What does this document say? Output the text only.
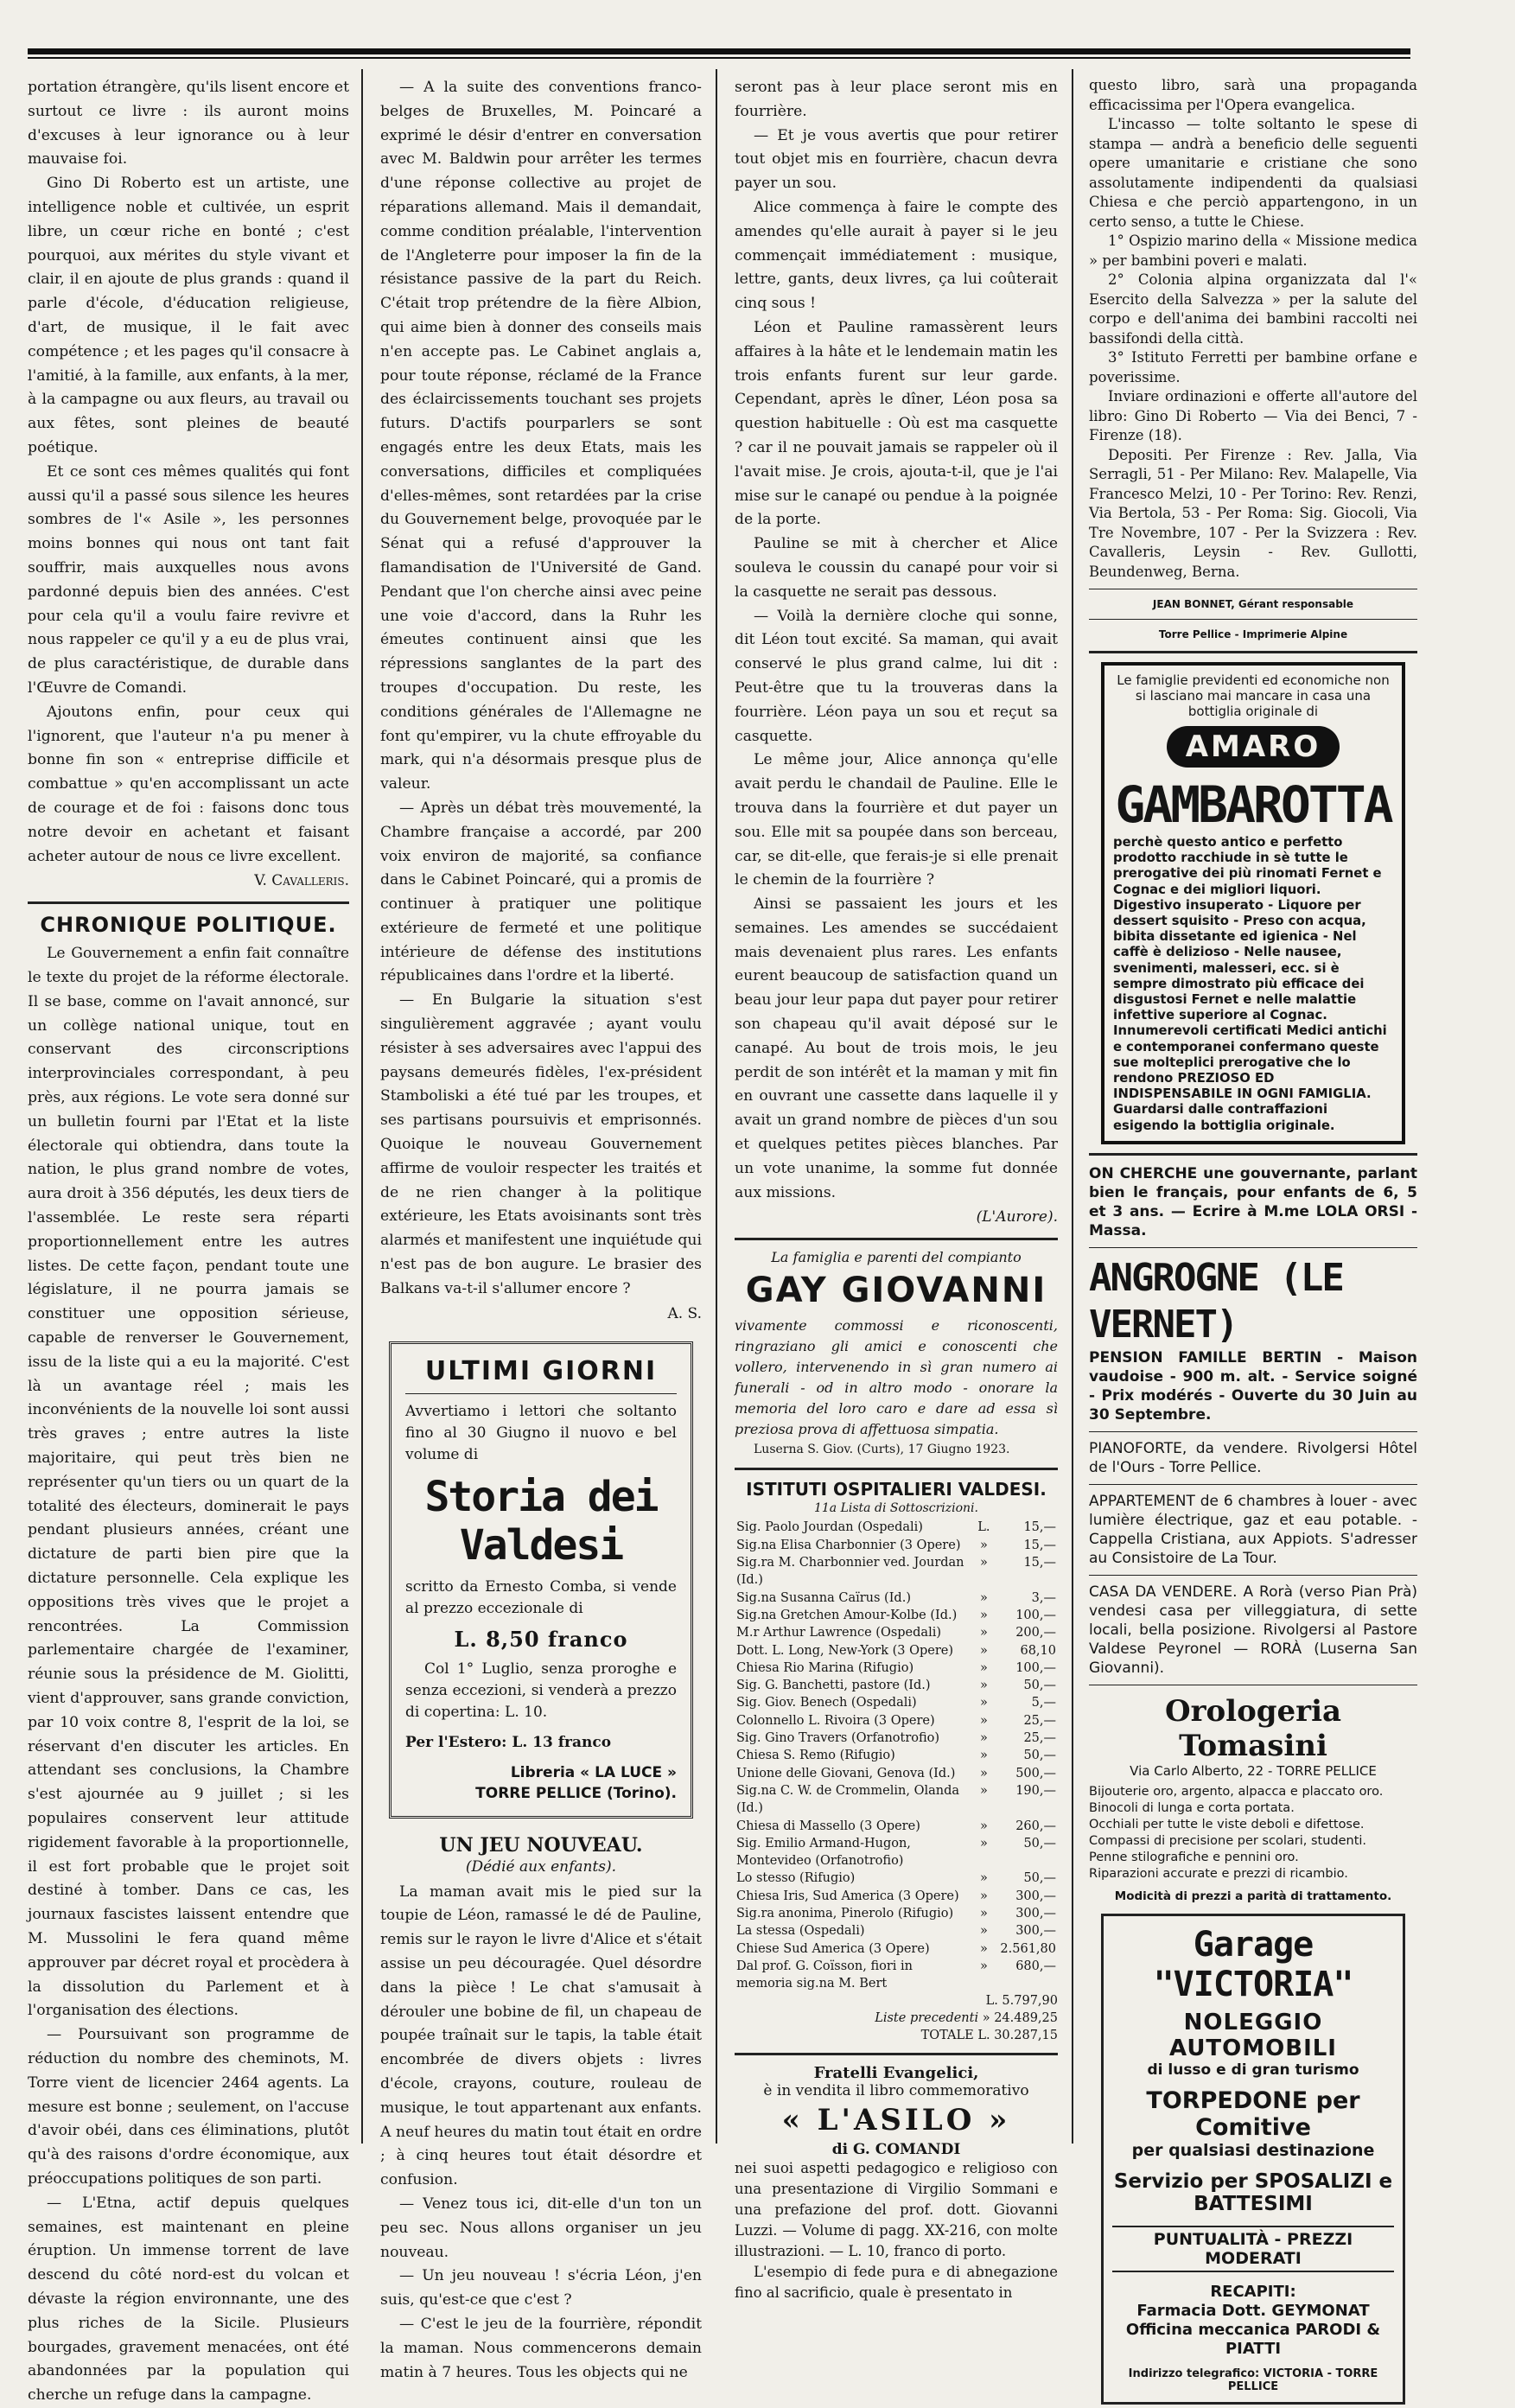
portation étrangère, qu'ils lisent encore et surtout ce livre : ils auront moins d'excuses à leur ignorance ou à leur mauvaise foi.

Gino Di Roberto est un artiste, une intelligence noble et cultivée, un esprit libre, un cœur riche en bonté ; c'est pourquoi, aux mérites du style vivant et clair, il en ajoute de plus grands : quand il parle d'école, d'éducation religieuse, d'art, de musique, il le fait avec compétence ; et les pages qu'il consacre à l'amitié, à la famille, aux enfants, à la mer, à la campagne ou aux fleurs, au travail ou aux fêtes, sont pleines de beauté poétique.

Et ce sont ces mêmes qualités qui font aussi qu'il a passé sous silence les heures sombres de l'« Asile », les personnes moins bonnes qui nous ont tant fait souffrir, mais auxquelles nous avons pardonné depuis bien des années. C'est pour cela qu'il a voulu faire revivre et nous rappeler ce qu'il y a eu de plus vrai, de plus caractéristique, de durable dans l'Œuvre de Comandi.

Ajoutons enfin, pour ceux qui l'ignorent, que l'auteur n'a pu mener à bonne fin son « entreprise difficile et combattue » qu'en accomplissant un acte de courage et de foi : faisons donc tous notre devoir en achetant et faisant acheter autour de nous ce livre excellent.

V. Cavalleris.
CHRONIQUE POLITIQUE.

Le Gouvernement a enfin fait connaître le texte du projet de la réforme électorale. Il se base, comme on l'avait annoncé, sur un collège national unique, tout en conservant des circonscriptions interprovinciales correspondant, à peu près, aux régions. Le vote sera donné sur un bulletin fourni par l'Etat et la liste électorale qui obtiendra, dans toute la nation, le plus grand nombre de votes, aura droit à 356 députés, les deux tiers de l'assemblée. Le reste sera réparti proportionnellement entre les autres listes. De cette façon, pendant toute une législature, il ne pourra jamais se constituer une opposition sérieuse, capable de renverser le Gouvernement, issu de la liste qui a eu la majorité. C'est là un avantage réel ; mais les inconvénients de la nouvelle loi sont aussi très graves ; entre autres la liste majoritaire, qui peut très bien ne représenter qu'un tiers ou un quart de la totalité des électeurs, dominerait le pays pendant plusieurs années, créant une dictature de parti bien pire que la dictature personnelle. Cela explique les oppositions très vives que le projet a rencontrées. La Commission parlementaire chargée de l'examiner, réunie sous la présidence de M. Giolitti, vient d'approuver, sans grande conviction, par 10 voix contre 8, l'esprit de la loi, se réservant d'en discuter les articles. En attendant ses conclusions, la Chambre s'est ajournée au 9 juillet ; si les populaires conservent leur attitude rigidement favorable à la proportionnelle, il est fort probable que le projet soit destiné à tomber. Dans ce cas, les journaux fascistes laissent entendre que M. Mussolini le fera quand même approuver par décret royal et procèdera à la dissolution du Parlement et à l'organisation des élections.

— Poursuivant son programme de réduction du nombre des cheminots, M. Torre vient de licencier 2464 agents. La mesure est bonne ; seulement, on l'accuse d'avoir obéi, dans ces éliminations, plutôt qu'à des raisons d'ordre économique, aux préoccupations politiques de son parti.

— L'Etna, actif depuis quelques semaines, est maintenant en pleine éruption. Un immense torrent de lave descend du côté nord-est du volcan et dévaste la région environnante, une des plus riches de la Sicile. Plusieurs bourgades, gravement menacées, ont été abandonnées par la population qui cherche un refuge dans la campagne.

— A la suite des conventions franco-belges de Bruxelles, M. Poincaré a exprimé le désir d'entrer en conversation avec M. Baldwin pour arrêter les termes d'une réponse collective au projet de réparations allemand. Mais il demandait, comme condition préalable, l'intervention de l'Angleterre pour imposer la fin de la résistance passive de la part du Reich. C'était trop prétendre de la fière Albion, qui aime bien à donner des conseils mais n'en accepte pas. Le Cabinet anglais a, pour toute réponse, réclamé de la France des éclaircissements touchant ses projets futurs. D'actifs pourparlers se sont engagés entre les deux Etats, mais les conversations, difficiles et compliquées d'elles-mêmes, sont retardées par la crise du Gouvernement belge, provoquée par le Sénat qui a refusé d'approuver la flamandisation de l'Université de Gand. Pendant que l'on cherche ainsi avec peine une voie d'accord, dans la Ruhr les émeutes continuent ainsi que les répressions sanglantes de la part des troupes d'occupation. Du reste, les conditions générales de l'Allemagne ne font qu'empirer, vu la chute effroyable du mark, qui n'a désormais presque plus de valeur.

— Après un débat très mouvementé, la Chambre française a accordé, par 200 voix environ de majorité, sa confiance dans le Cabinet Poincaré, qui a promis de continuer à pratiquer une politique extérieure de fermeté et une politique intérieure de défense des institutions républicaines dans l'ordre et la liberté.

— En Bulgarie la situation s'est singulièrement aggravée ; ayant voulu résister à ses adversaires avec l'appui des paysans demeurés fidèles, l'ex-président Stamboliski a été tué par les troupes, et ses partisans poursuivis et emprisonnés. Quoique le nouveau Gouvernement affirme de vouloir respecter les traités et de ne rien changer à la politique extérieure, les Etats avoisinants sont très alarmés et manifestent une inquiétude qui n'est pas de bon augure. Le brasier des Balkans va-t-il s'allumer encore ?

A. S.
ULTIMI GIORNI

Avvertiamo i lettori che soltanto fino al 30 Giugno il nuovo e bel volume di

Storia dei Valdesi

scritto da Ernesto Comba, si vende al prezzo eccezionale di

L. 8,50 franco

Col 1° Luglio, senza proroghe e senza eccezioni, si venderà a prezzo di copertina: L. 10.

Per l'Estero: L. 13 franco

Libreria « LA LUCE »
TORRE PELLICE (Torino).
UN JEU NOUVEAU.
(Dédié aux enfants).

La maman avait mis le pied sur la toupie de Léon, ramassé le dé de Pauline, remis sur le rayon le livre d'Alice et s'était assise un peu découragée. Quel désordre dans la pièce ! Le chat s'amusait à dérouler une bobine de fil, un chapeau de poupée traînait sur le tapis, la table était encombrée de divers objets : livres d'école, crayons, couture, rouleau de musique, le tout appartenant aux enfants. A neuf heures du matin tout était en ordre ; à cinq heures tout était désordre et confusion.

— Venez tous ici, dit-elle d'un ton un peu sec. Nous allons organiser un jeu nouveau.

— Un jeu nouveau ! s'écria Léon, j'en suis, qu'est-ce que c'est ?

— C'est le jeu de la fourrière, répondit la maman. Nous commencerons demain matin à 7 heures. Tous les objects qui ne

seront pas à leur place seront mis en fourrière.

— Et je vous avertis que pour retirer tout objet mis en fourrière, chacun devra payer un sou.

Alice commença à faire le compte des amendes qu'elle aurait à payer si le jeu commençait immédiatement : musique, lettre, gants, deux livres, ça lui coûterait cinq sous !

Léon et Pauline ramassèrent leurs affaires à la hâte et le lendemain matin les trois enfants furent sur leur garde. Cependant, après le dîner, Léon posa sa question habituelle : Où est ma casquette ? car il ne pouvait jamais se rappeler où il l'avait mise. Je crois, ajouta-t-il, que je l'ai mise sur le canapé ou pendue à la poignée de la porte.

Pauline se mit à chercher et Alice souleva le coussin du canapé pour voir si la casquette ne serait pas dessous.

— Voilà la dernière cloche qui sonne, dit Léon tout excité. Sa maman, qui avait conservé le plus grand calme, lui dit : Peut-être que tu la trouveras dans la fourrière. Léon paya un sou et reçut sa casquette.

Le même jour, Alice annonça qu'elle avait perdu le chandail de Pauline. Elle le trouva dans la fourrière et dut payer un sou. Elle mit sa poupée dans son berceau, car, se dit-elle, que ferais-je si elle prenait le chemin de la fourrière ?

Ainsi se passaient les jours et les semaines. Les amendes se succédaient mais devenaient plus rares. Les enfants eurent beaucoup de satisfaction quand un beau jour leur papa dut payer pour retirer son chapeau qu'il avait déposé sur le canapé. Au bout de trois mois, le jeu perdit de son intérêt et la maman y mit fin en ouvrant une cassette dans laquelle il y avait un grand nombre de pièces d'un sou et quelques petites pièces blanches. Par un vote unanime, la somme fut donnée aux missions.

(L'Aurore).
La famiglia e parenti del compianto
GAY GIOVANNI

vivamente commossi e riconoscenti, ringraziano gli amici e conoscenti che vollero, intervenendo in sì gran numero ai funerali - od in altro modo - onorare la memoria del loro caro e dare ad essa sì preziosa prova di affettuosa simpatia.

Luserna S. Giov. (Curts), 17 Giugno 1923.

ISTITUTI OSPITALIERI VALDESI.
11a Lista di Sottoscrizioni.
Sig. Paolo Jourdan (Ospedali)	L.	15,—
Sig.na Elisa Charbonnier (3 Opere)	»	15,—
Sig.ra M. Charbonnier ved. Jourdan (Id.)	»	15,—
Sig.na Susanna Caïrus (Id.)	»	3,—
Sig.na Gretchen Amour-Kolbe (Id.)	»	100,—
M.r Arthur Lawrence (Ospedali)	»	200,—
Dott. L. Long, New-York (3 Opere)	»	68,10
Chiesa Rio Marina (Rifugio)	»	100,—
Sig. G. Banchetti, pastore (Id.)	»	50,—
Sig. Giov. Benech (Ospedali)	»	5,—
Colonnello L. Rivoira (3 Opere)	»	25,—
Sig. Gino Travers (Orfanotrofio)	»	25,—
Chiesa S. Remo (Rifugio)	»	50,—
Unione delle Giovani, Genova (Id.)	»	500,—
Sig.na C. W. de Crommelin, Olanda (Id.)	»	190,—
Chiesa di Massello (3 Opere)	»	260,—
Sig. Emilio Armand-Hugon, Montevideo (Orfanotrofio)	»	50,—
Lo stesso (Rifugio)	»	50,—
Chiesa Iris, Sud America (3 Opere)	»	300,—
Sig.ra anonima, Pinerolo (Rifugio)	»	300,—
La stessa (Ospedali)	»	300,—
Chiese Sud America (3 Opere)	»	2.561,80
Dal prof. G. Coïsson, fiori in memoria sig.na M. Bert	»	680,—
L. 5.797,90
Liste precedenti » 24.489,25
TOTALE L. 30.287,15
Fratelli Evangelici,
è in vendita il libro commemorativo
« L'ASILO »
di G. COMANDI

nei suoi aspetti pedagogico e religioso con una presentazione di Virgilio Sommani e una prefazione del prof. dott. Giovanni Luzzi. — Volume di pagg. XX-216, con molte illustrazioni. — L. 10, franco di porto.

L'esempio di fede pura e di abnegazione fino al sacrificio, quale è presentato in

questo libro, sarà una propaganda efficacissima per l'Opera evangelica.

L'incasso — tolte soltanto le spese di stampa — andrà a beneficio delle seguenti opere umanitarie e cristiane che sono assolutamente indipendenti da qualsiasi Chiesa e che perciò appartengono, in un certo senso, a tutte le Chiese.

1° Ospizio marino della « Missione medica » per bambini poveri e malati.

2° Colonia alpina organizzata dal l'« Esercito della Salvezza » per la salute del corpo e dell'anima dei bambini raccolti nei bassifondi della città.

3° Istituto Ferretti per bambine orfane e poverissime.

Inviare ordinazioni e offerte all'autore del libro: Gino Di Roberto — Via dei Benci, 7 - Firenze (18).

Depositi. Per Firenze : Rev. Jalla, Via Serragli, 51 - Per Milano: Rev. Malapelle, Via Francesco Melzi, 10 - Per Torino: Rev. Renzi, Via Bertola, 53 - Per Roma: Sig. Giocoli, Via Tre Novembre, 107 - Per la Svizzera : Rev. Cavalleris, Leysin - Rev. Gullotti, Beundenweg, Berna.

JEAN BONNET, Gérant responsable
Torre Pellice - Imprimerie Alpine
Le famiglie previdenti ed economiche non si lasciano mai mancare in casa una bottiglia originale di
AMARO
GAMBAROTTA
perchè questo antico e perfetto prodotto racchiude in sè tutte le prerogative dei più rinomati Fernet e Cognac e dei migliori liquori. Digestivo insuperato - Liquore per dessert squisito - Preso con acqua, bibita dissetante ed igienica - Nel caffè è delizioso - Nelle nausee, svenimenti, malesseri, ecc. si è sempre dimostrato più efficace dei disgustosi Fernet e nelle malattie infettive superiore al Cognac. Innumerevoli certificati Medici antichi e contemporanei confermano queste sue molteplici prerogative che lo rendono PREZIOSO ED INDISPENSABILE IN OGNI FAMIGLIA. Guardarsi dalle contraffazioni esigendo la bottiglia originale.

ON CHERCHE une gouvernante, parlant bien le français, pour enfants de 6, 5 et 3 ans. — Ecrire à M.me LOLA ORSI - Massa.

ANGROGNE (LE VERNET)

PENSION FAMILLE BERTIN - Maison vaudoise - 900 m. alt. - Service soigné - Prix modérés - Ouverte du 30 Juin au 30 Septembre.

PIANOFORTE, da vendere. Rivolgersi Hôtel de l'Ours - Torre Pellice.

APPARTEMENT de 6 chambres à louer - avec lumière électrique, gaz et eau potable. - Cappella Cristiana, aux Appiots. S'adresser au Consistoire de La Tour.

CASA DA VENDERE. A Rorà (verso Pian Prà) vendesi casa per villeggiatura, di sette locali, bella posizione. Rivolgersi al Pastore Valdese Peyronel — RORÀ (Luserna San Giovanni).

Orologeria Tomasini
Via Carlo Alberto, 22 - TORRE PELLICE

Bijouterie oro, argento, alpacca e placcato oro.

Binocoli di lunga e corta portata.

Occhiali per tutte le viste deboli e difettose.

Compassi di precisione per scolari, studenti.

Penne stilografiche e pennini oro.

Riparazioni accurate e prezzi di ricambio.

Modicità di prezzi a parità di trattamento.
Garage "VICTORIA"
NOLEGGIO AUTOMOBILI
di lusso e di gran turismo
TORPEDONE per Comitive
per qualsiasi destinazione
Servizio per SPOSALIZI e BATTESIMI
PUNTUALITÀ - PREZZI MODERATI
RECAPITI:
Farmacia Dott. GEYMONAT
Officina meccanica PARODI & PIATTI
Indirizzo telegrafico: VICTORIA - TORRE PELLICE
